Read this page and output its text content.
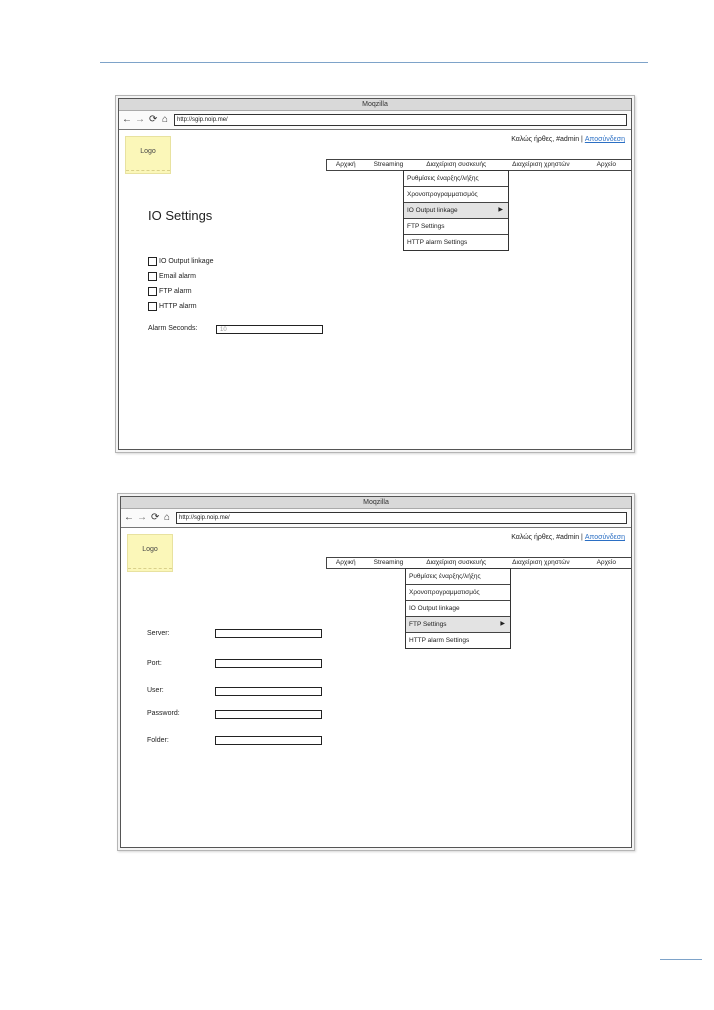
Moqzilla
← → ⟳ ⌂	http://sgip.noip.me/
Logo
Καλώς ήρθες, #admin | Αποσύνδεση
Αρχική	Streaming	Διαχείριση συσκευής	Διαχείριση χρηστών	Αρχείο
Ρυθμίσεις έναρξης/λήξης
Χρονοπρογραμματισμός
IO Output linkage	▶
FTP Settings
HTTP alarm Settings
IO Settings
IO Output linkage
Email alarm
FTP alarm
HTTP alarm
Alarm Seconds:	10
Moqzilla
← → ⟳ ⌂	http://sgip.noip.me/
Logo
Καλώς ήρθες, #admin | Αποσύνδεση
Αρχική	Streaming	Διαχείριση συσκευής	Διαχείριση χρηστών	Αρχείο
Ρυθμίσεις έναρξης/λήξης
Χρονοπρογραμματισμός
IO Output linkage
FTP Settings	▶
HTTP alarm Settings
Server:
Port:
User:
Password:
Folder:
